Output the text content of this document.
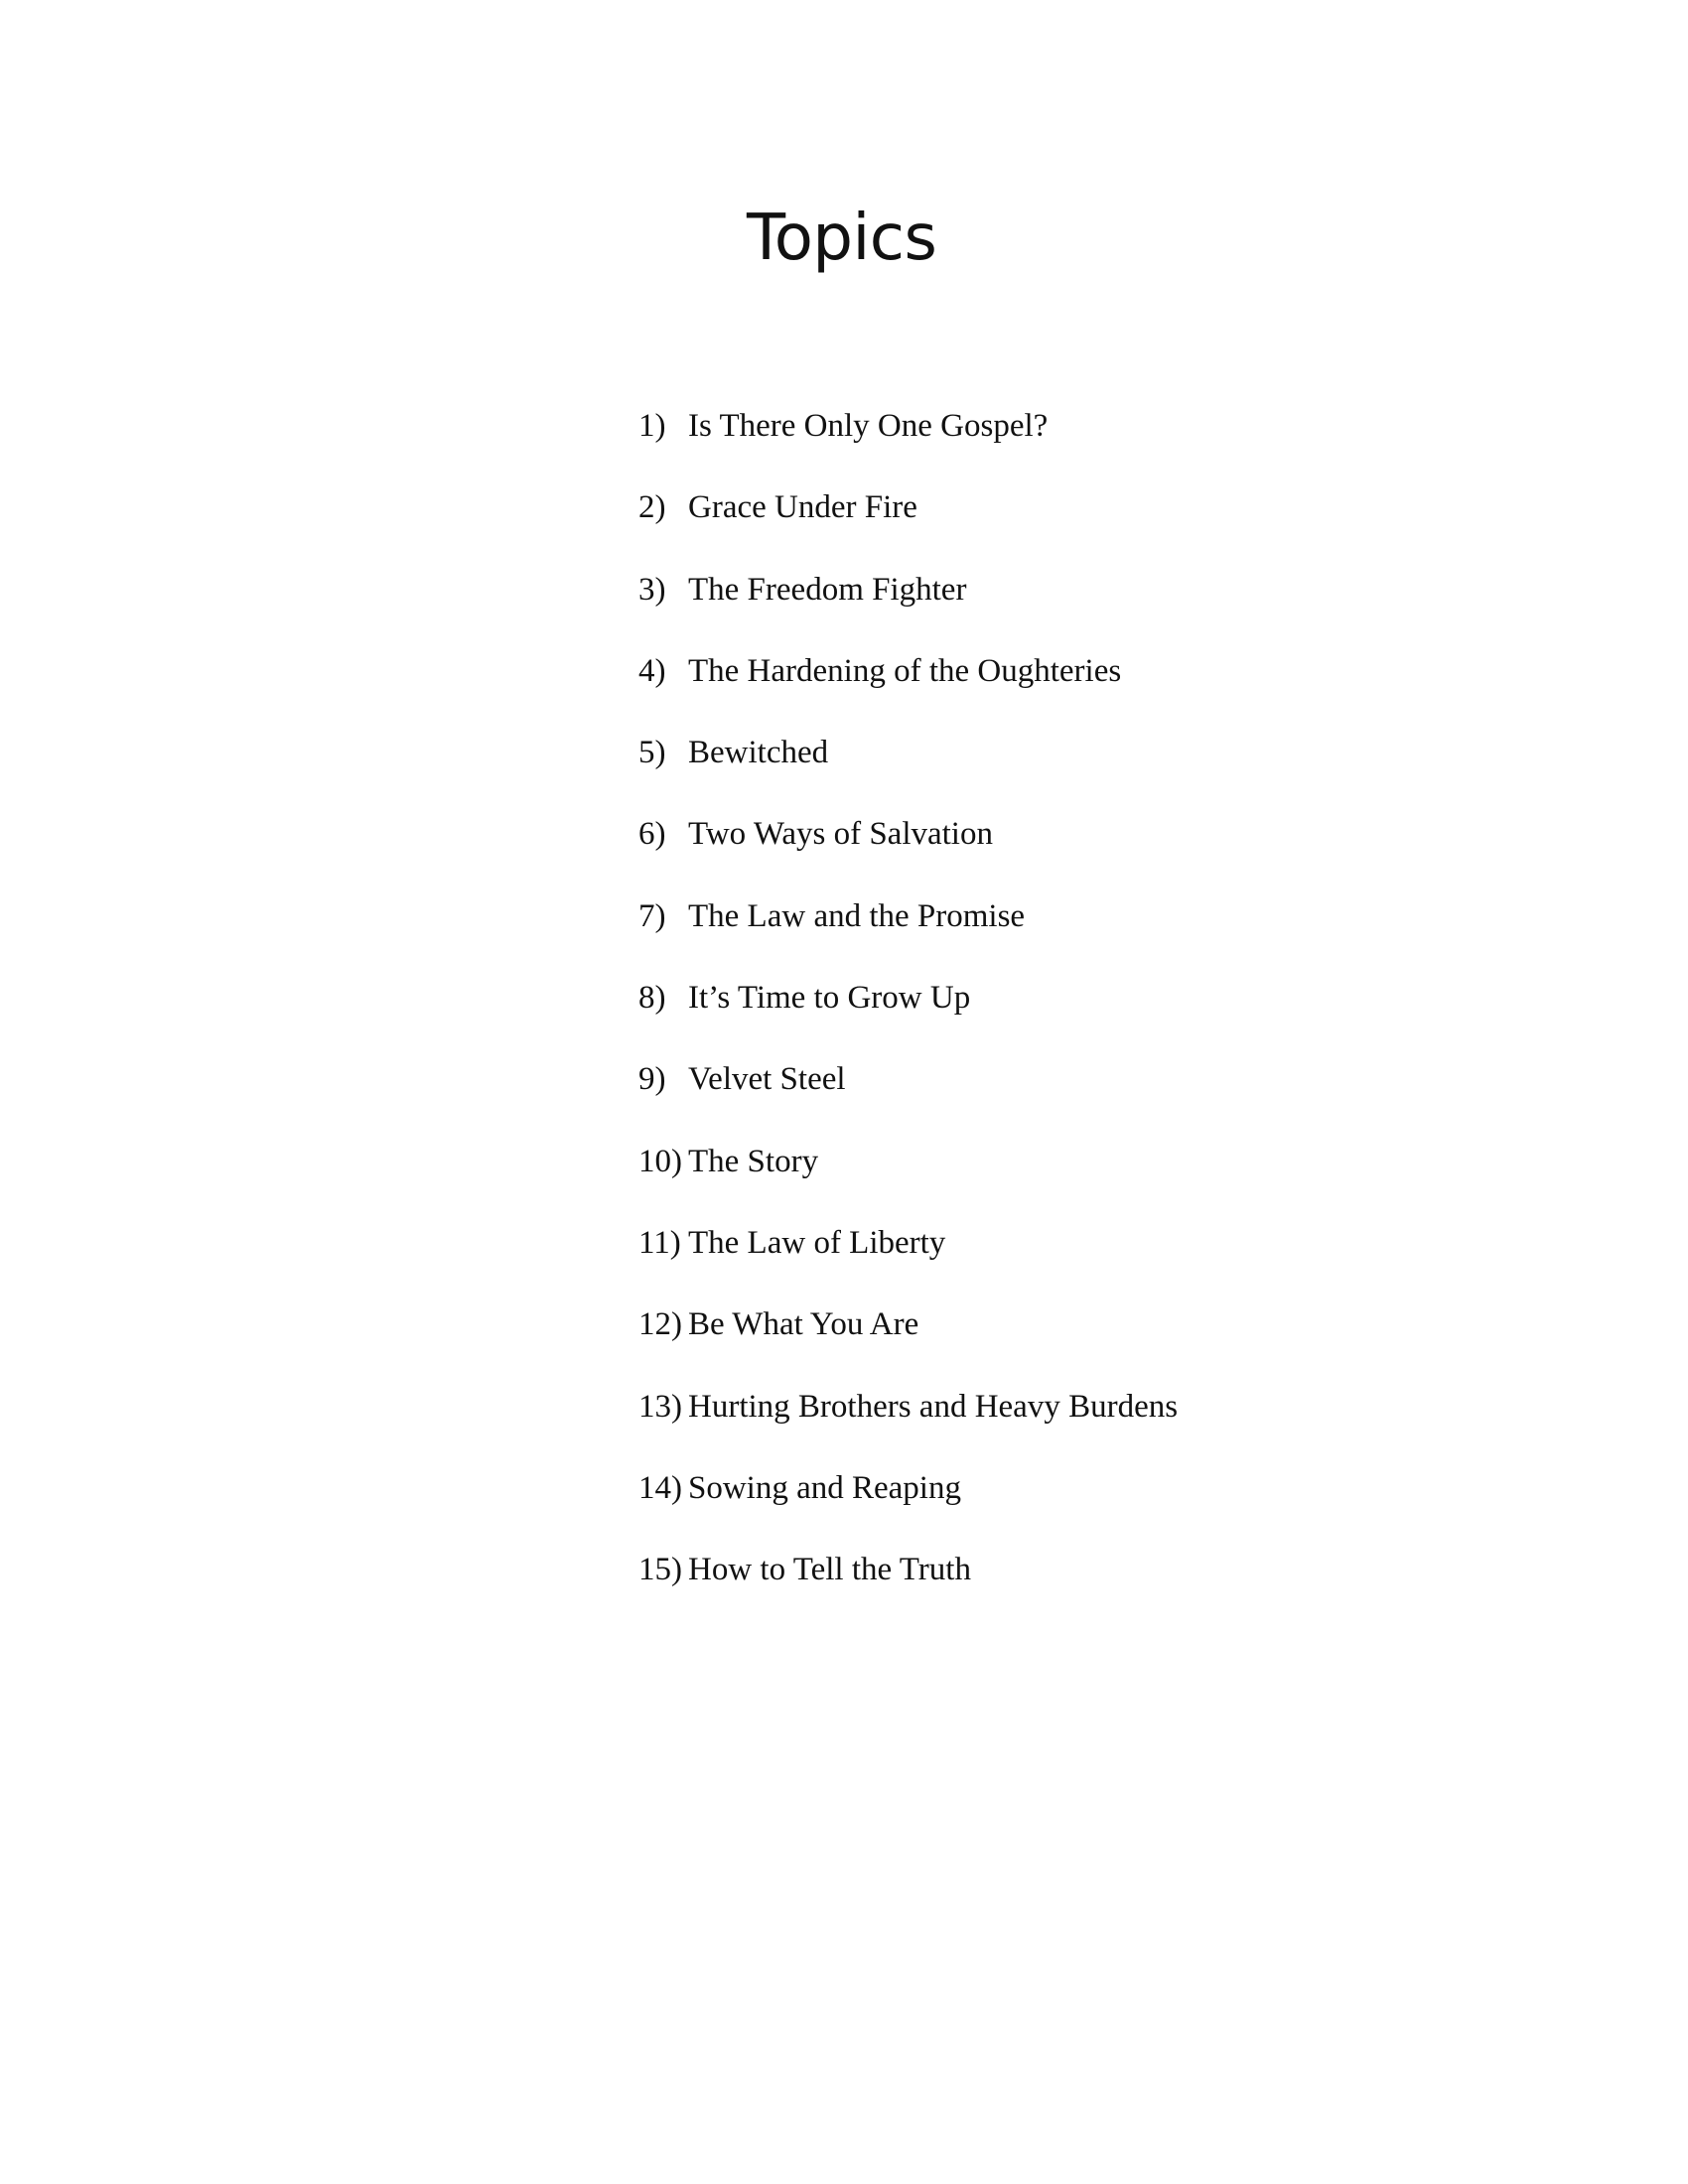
Topics
1) Is There Only One Gospel?
2) Grace Under Fire
3) The Freedom Fighter
4) The Hardening of the Oughteries
5) Bewitched
6) Two Ways of Salvation
7) The Law and the Promise
8) It’s Time to Grow Up
9) Velvet Steel
10) The Story
11) The Law of Liberty
12) Be What You Are
13) Hurting Brothers and Heavy Burdens
14) Sowing and Reaping
15) How to Tell the Truth
